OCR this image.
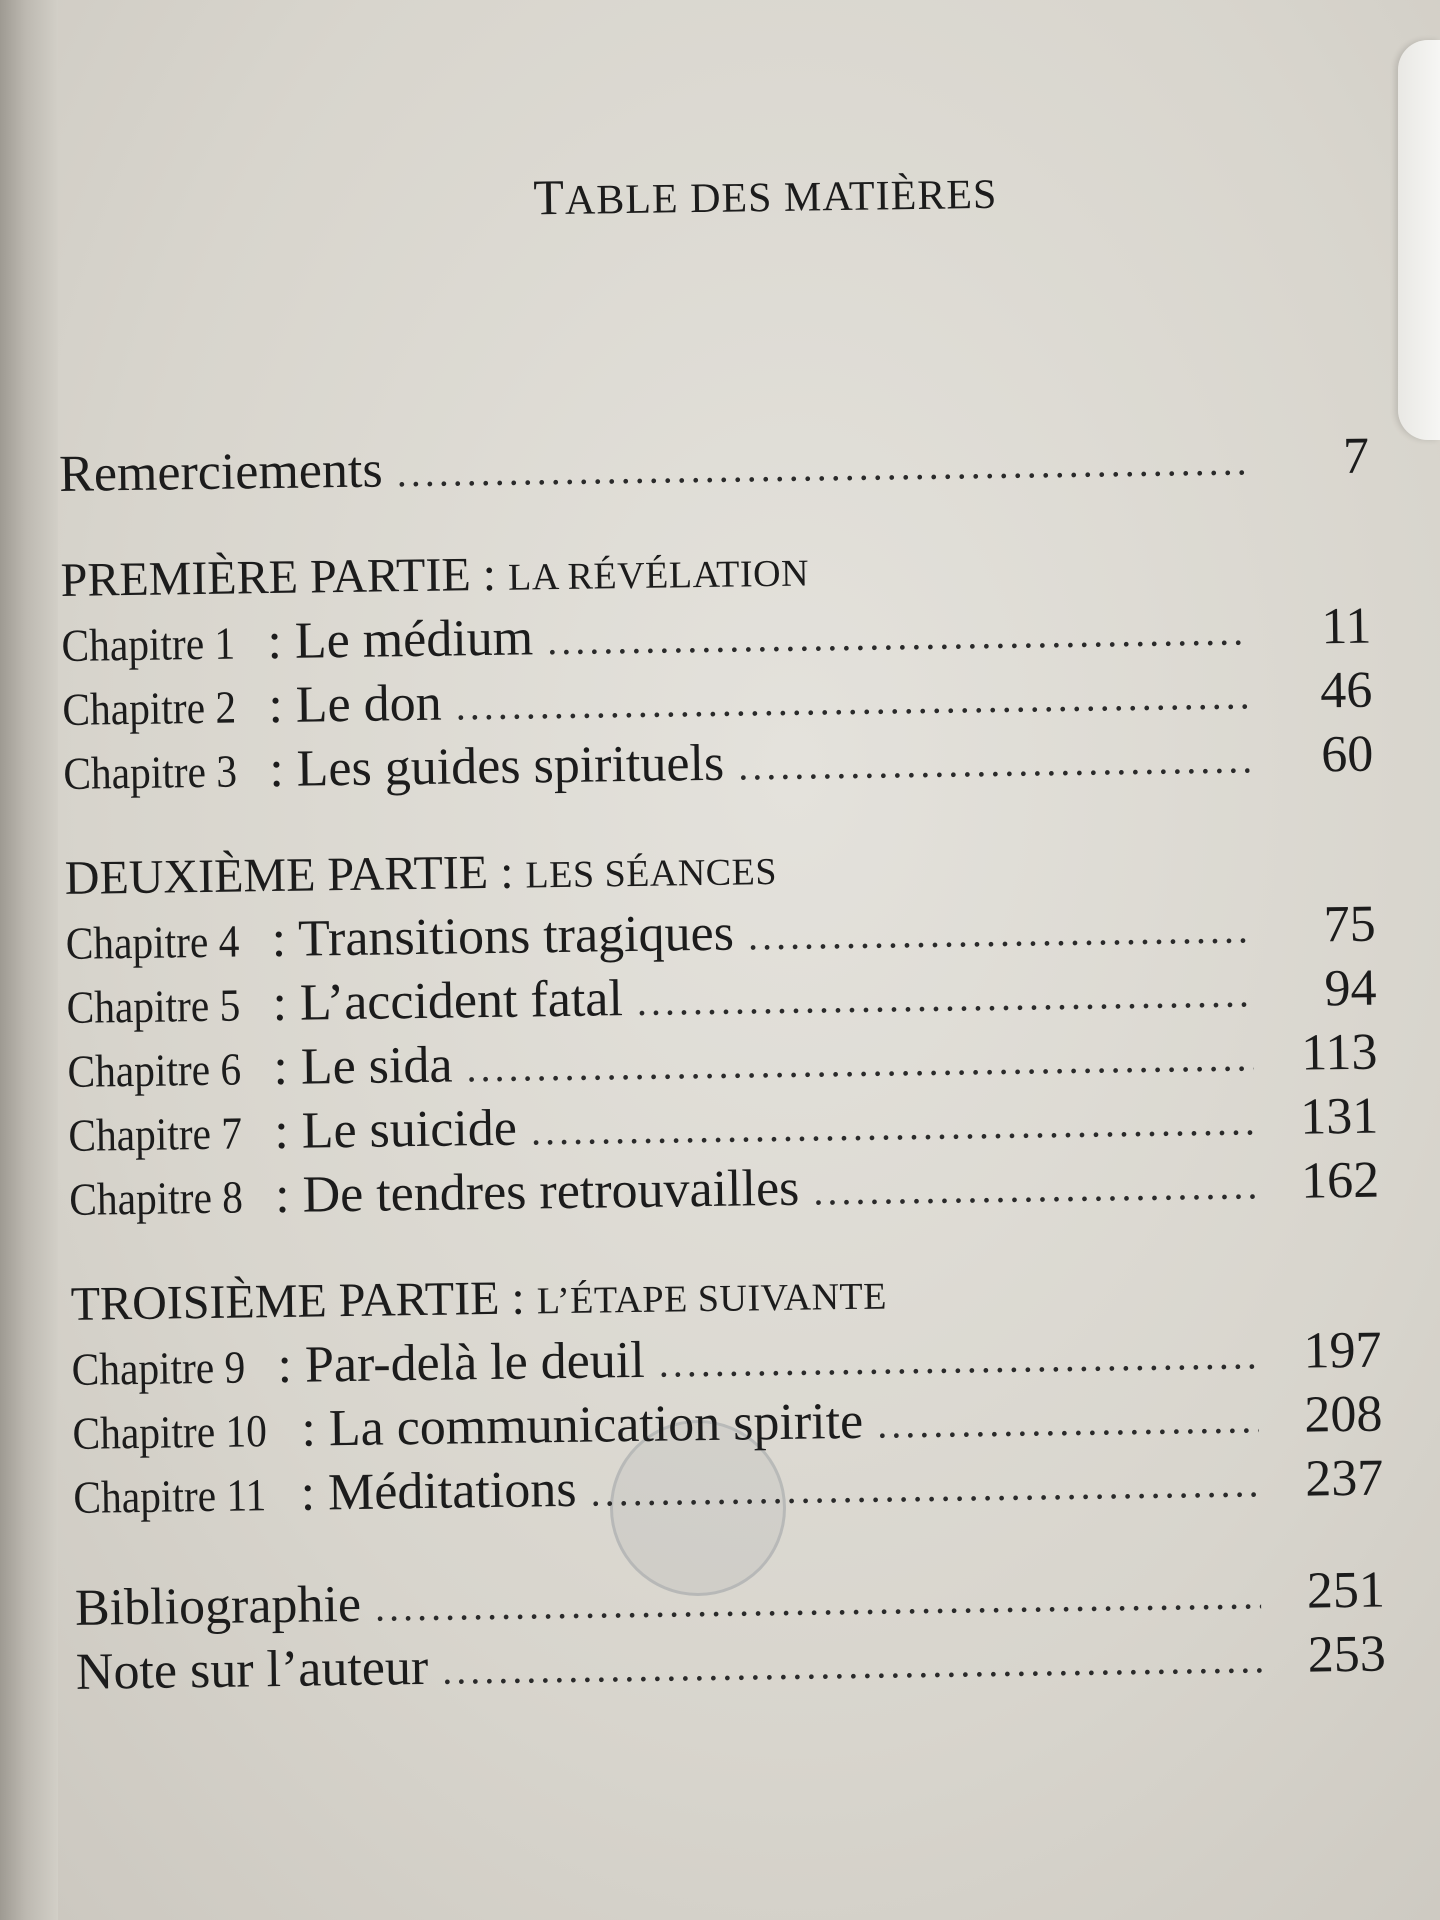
TABLE DES MATIÈRES
Remerciements .....	7
PREMIÈRE PARTIE : LA RÉVÉLATION
Chapitre 1 : Le médium .....	11
Chapitre 2 : Le don .....	46
Chapitre 3 : Les guides spirituels .....	60
DEUXIÈME PARTIE : LES SÉANCES
Chapitre 4 : Transitions tragiques .....	75
Chapitre 5 : L’accident fatal .....	94
Chapitre 6 : Le sida .....	113
Chapitre 7 : Le suicide .....	131
Chapitre 8 : De tendres retrouvailles .....	162
TROISIÈME PARTIE : L’ÉTAPE SUIVANTE
Chapitre 9 : Par-delà le deuil .....	197
Chapitre 10 : La communication spirite .....	208
Chapitre 11 : Méditations .....	237
Bibliographie .....	251
Note sur l’auteur .....	253
